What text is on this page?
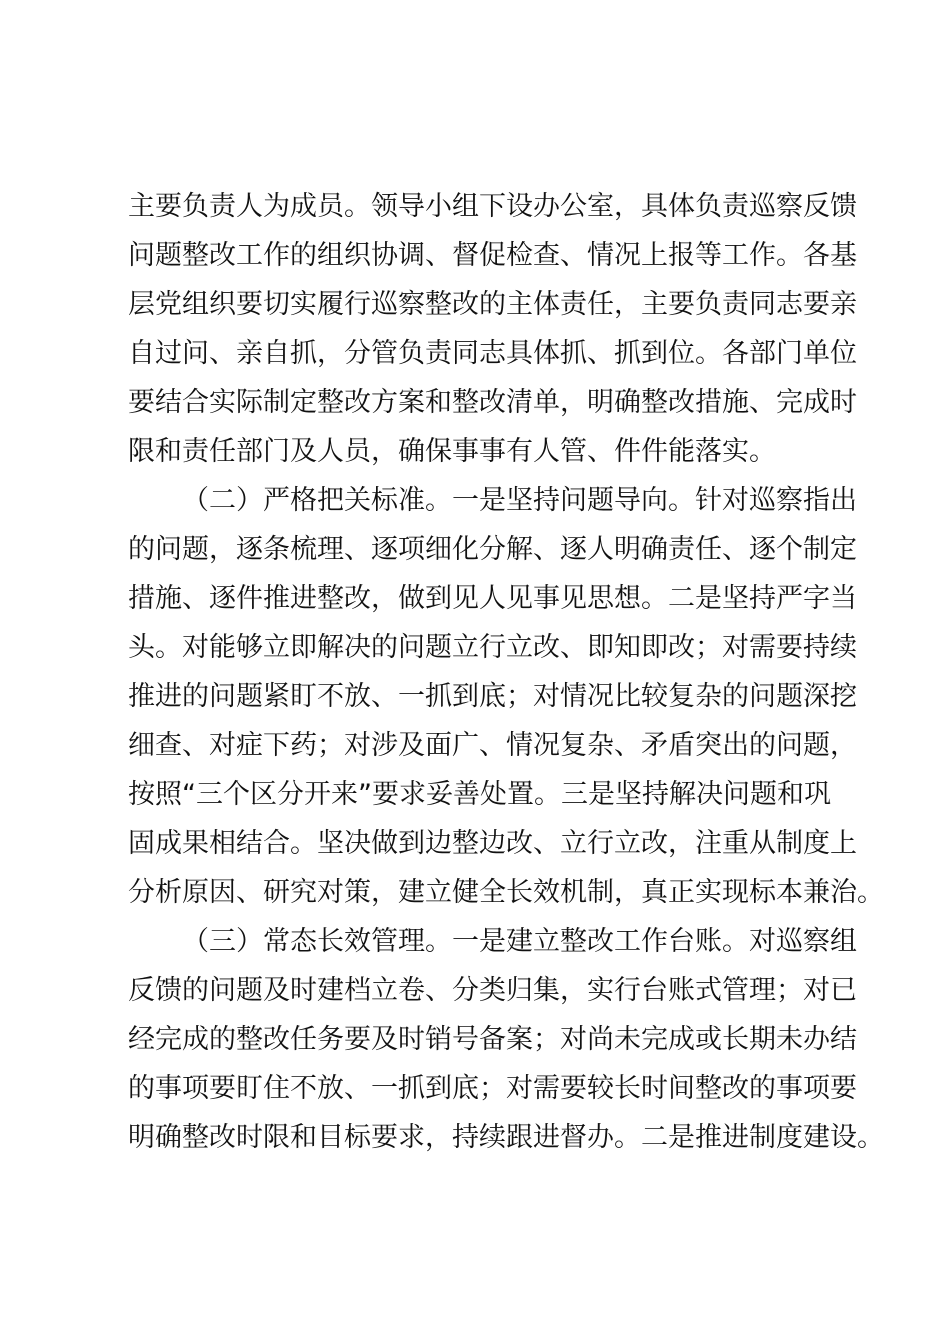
主要负责人为成员。领导小组下设办公室，具体负责巡察反馈
问题整改工作的组织协调、督促检查、情况上报等工作。各基
层党组织要切实履行巡察整改的主体责任，主要负责同志要亲
自过问、亲自抓，分管负责同志具体抓、抓到位。各部门单位
要结合实际制定整改方案和整改清单，明确整改措施、完成时
限和责任部门及人员，确保事事有人管、件件能落实。
（二）严格把关标准。一是坚持问题导向。针对巡察指出
的问题，逐条梳理、逐项细化分解、逐人明确责任、逐个制定
措施、逐件推进整改，做到见人见事见思想。二是坚持严字当
头。对能够立即解决的问题立行立改、即知即改；对需要持续
推进的问题紧盯不放、一抓到底；对情况比较复杂的问题深挖
细查、对症下药；对涉及面广、情况复杂、矛盾突出的问题，
按照“三个区分开来”要求妥善处置。三是坚持解决问题和巩
固成果相结合。坚决做到边整边改、立行立改，注重从制度上
分析原因、研究对策，建立健全长效机制，真正实现标本兼治。
（三）常态长效管理。一是建立整改工作台账。对巡察组
反馈的问题及时建档立卷、分类归集，实行台账式管理；对已
经完成的整改任务要及时销号备案；对尚未完成或长期未办结
的事项要盯住不放、一抓到底；对需要较长时间整改的事项要
明确整改时限和目标要求，持续跟进督办。二是推进制度建设。
